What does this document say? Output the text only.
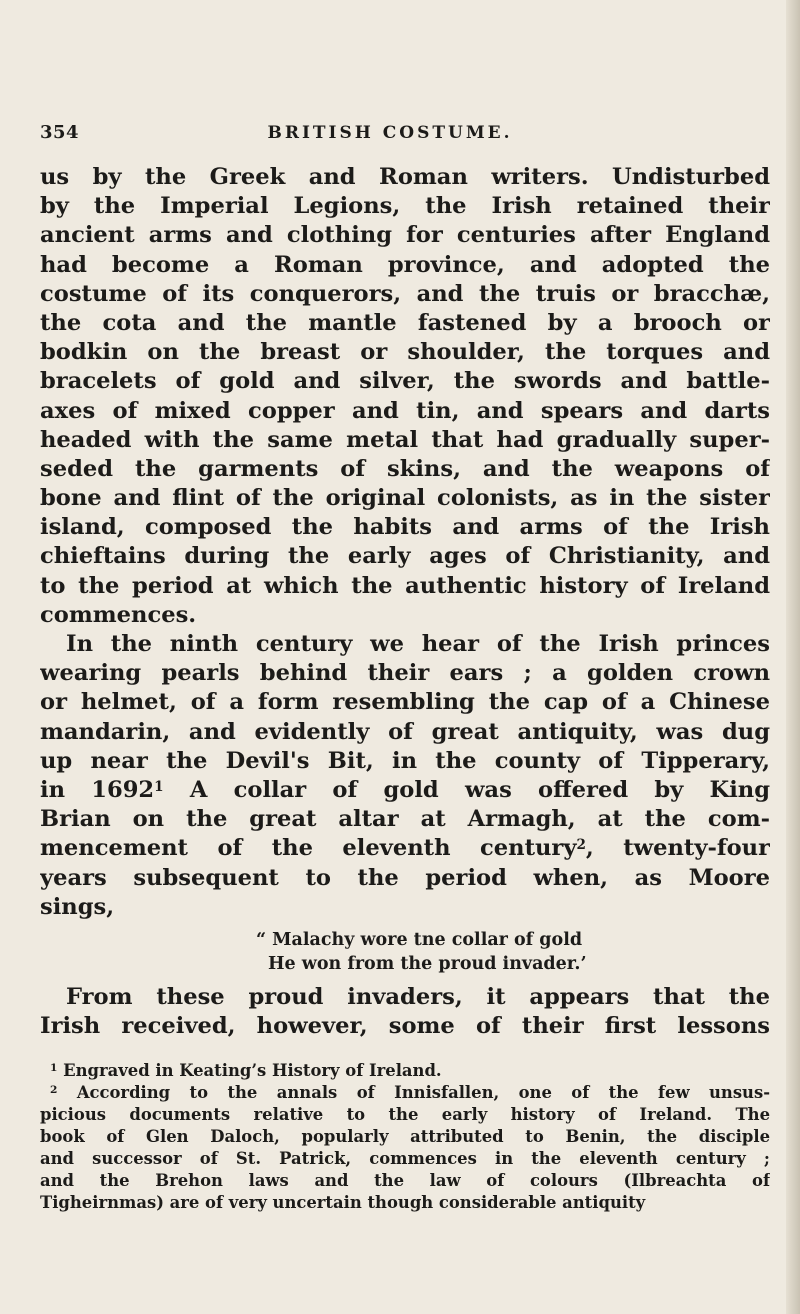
354	BRITISH COSTUME.
us by the Greek and Roman writers. Undisturbed
by the Imperial Legions, the Irish retained their
ancient arms and clothing for centuries after England
had become a Roman province, and adopted the
costume of its conquerors, and the truis or bracchæ,
the cota and the mantle fastened by a brooch or
bodkin on the breast or shoulder, the torques and
bracelets of gold and silver, the swords and battle-
axes of mixed copper and tin, and spears and darts
headed with the same metal that had gradually super-
seded the garments of skins, and the weapons of
bone and flint of the original colonists, as in the sister
island, composed the habits and arms of the Irish
chieftains during the early ages of Christianity, and
to the period at which the authentic history of Ireland
commences.
In the ninth century we hear of the Irish princes
wearing pearls behind their ears ; a golden crown
or helmet, of a form resembling the cap of a Chinese
mandarin, and evidently of great antiquity, was dug
up near the Devil's Bit, in the county of Tipperary,
in 1692$^1$ A collar of gold was offered by King
Brian on the great altar at Armagh, at the com-
mencement of the eleventh century$^2$, twenty-four
years subsequent to the period when, as Moore
sings,
“ Malachy wore tne collar of gold
He won from the proud invader.’
From these proud invaders, it appears that the
Irish received, however, some of their first lessons
$^1$ Engraved in Keating’s History of Ireland.
$^2$ According to the annals of Innisfallen, one of the few unsus-
picious documents relative to the early history of Ireland. The
book of Glen Daloch, popularly attributed to Benin, the disciple
and successor of St. Patrick, commences in the eleventh century ;
and the Brehon laws and the law of colours (Ilbreachta of
Tigheirnmas) are of very uncertain though considerable antiquity
